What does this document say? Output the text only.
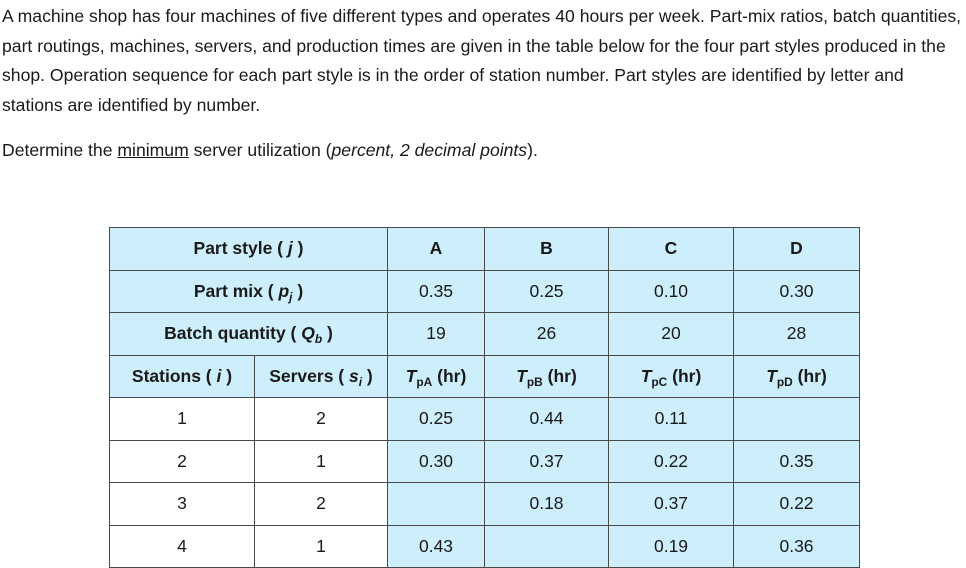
A machine shop has four machines of five different types and operates 40 hours per week. Part-mix ratios, batch quantities, part routings, machines, servers, and production times are given in the table below for the four part styles produced in the shop. Operation sequence for each part style is in the order of station number. Part styles are identified by letter and stations are identified by number.

Determine the minimum server utilization (percent, 2 decimal points).
Part style ( j )		A	B	C	D
Part mix ( $p_j$ )		0.35	0.25	0.10	0.30
Batch quantity ( $Q_b$ )		19	26	20	28
Stations ( i )	Servers ( $s_i$ )	$T_{pA}$ (hr)	$T_{pB}$ (hr)	$T_{pC}$ (hr)	$T_{pD}$ (hr)
1	2	0.25	0.44	0.11	
2	1	0.30	0.37	0.22	0.35
3	2		0.18	0.37	0.22
4	1	0.43		0.19	0.36
